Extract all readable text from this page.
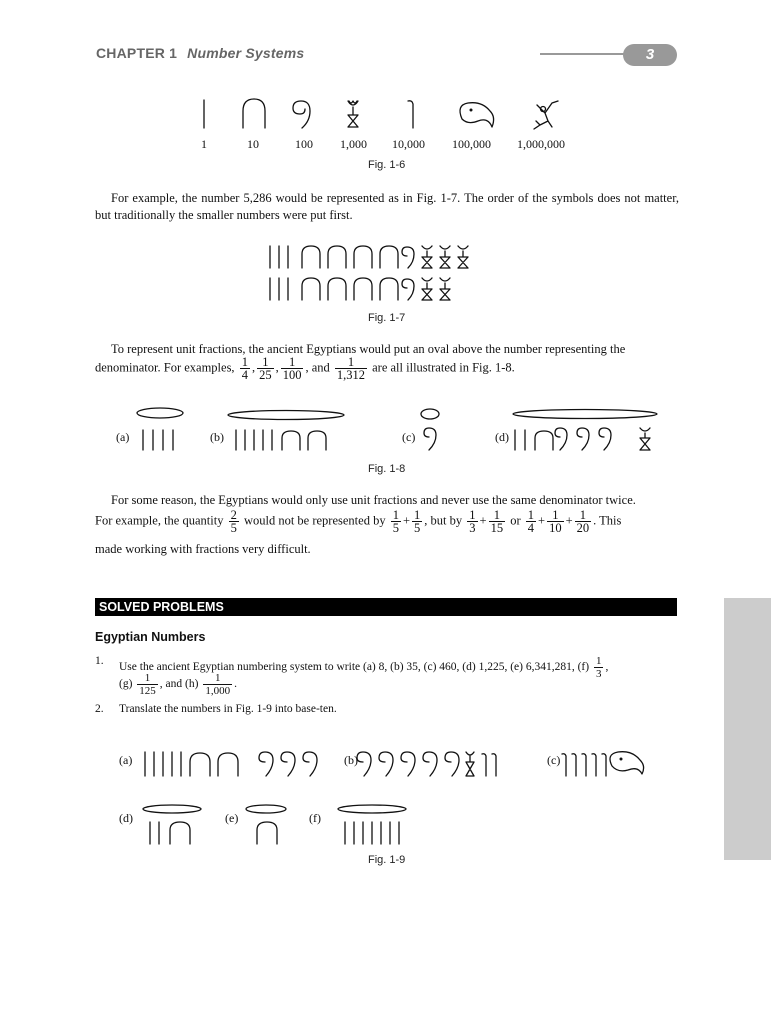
CHAPTER 1 Number Systems	3
1	10	100 1,000 10,000 100,000 1,000,000
Fig. 1-6
For example, the number 5,286 would be represented as in Fig. 1-7. The order of the symbols does not matter, but traditionally the smaller numbers were put first.
Fig. 1-7
To represent unit fractions, the ancient Egyptians would put an oval above the number representing the
denominator. For examples, $\frac{1}{4}$ , $\frac{1}{25}$ , $\frac{1}{100}$ , and $\frac{1}{1,312}$ are all illustrated in Fig. 1-8.
(a)	(b)	(c)	(d)
Fig. 1-8
For some reason, the Egyptians would only use unit fractions and never use the same denominator twice.
For example, the quantity $\frac{2}{5}$ would not be represented by $\frac{1}{5} + \frac{1}{5}$ , but by $\frac{1}{3} + \frac{1}{15}$ or $\frac{1}{4} + \frac{1}{10} + \frac{1}{20}$ . This
made working with fractions very difficult.
SOLVED PROBLEMS
Egyptian Numbers
1.
Use the ancient Egyptian numbering system to write (a) 8, (b) 35, (c) 460, (d) 1,225, (e) 6,341,281, $(f) \frac{1}{3}$ ,
$(g) \frac{1}{125}$ , and $(h) \frac{1}{1,000}$ .
2. Translate the numbers in Fig. 1-9 into base-ten.
(a)	(b)	(c)
(d)	(e)	(f)
Fig. 1-9
